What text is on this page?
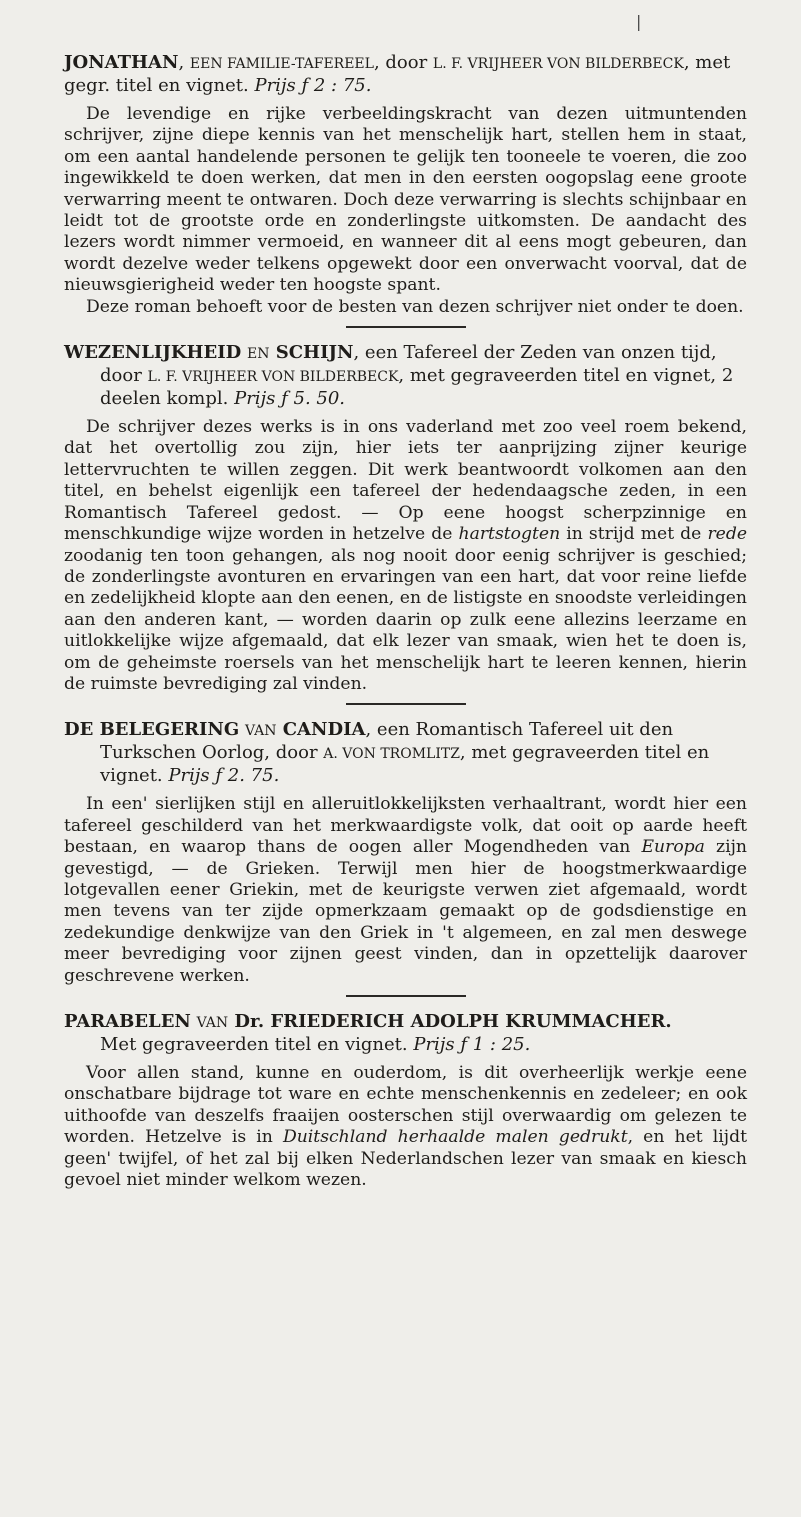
|

JONATHAN, EEN FAMILIE-TAFEREEL, door L. F. VRIJHEER VON BILDERBECK, met gegr. titel en vignet. Prijs ƒ 2 : 75.

De levendige en rijke verbeeldingskracht van dezen uitmuntenden schrijver, zijne diepe kennis van het menschelijk hart, stellen hem in staat, om een aantal handelende personen te gelijk ten tooneele te voeren, die zoo ingewikkeld te doen werken, dat men in den eersten oogopslag eene groote verwarring meent te ontwaren. Doch deze verwarring is slechts schijnbaar en leidt tot de grootste orde en zonderlingste uitkomsten. De aandacht des lezers wordt nimmer vermoeid, en wanneer dit al eens mogt gebeuren, dan wordt dezelve weder telkens opgewekt door een onverwacht voorval, dat de nieuwsgierigheid weder ten hoogste spant.

Deze roman behoeft voor de besten van dezen schrijver niet onder te doen.

WEZENLIJKHEID EN SCHIJN, een Tafereel der Zeden van onzen tijd, door L. F. VRIJHEER VON BILDERBECK, met gegraveerden titel en vignet, 2 deelen kompl. Prijs ƒ 5. 50.

De schrijver dezes werks is in ons vaderland met zoo veel roem bekend, dat het overtollig zou zijn, hier iets ter aanprijzing zijner keurige lettervruchten te willen zeggen. Dit werk beantwoordt volkomen aan den titel, en behelst eigenlijk een tafereel der hedendaagsche zeden, in een Romantisch Tafereel gedost. — Op eene hoogst scherpzinnige en menschkundige wijze worden in hetzelve de hartstogten in strijd met de rede zoodanig ten toon gehangen, als nog nooit door eenig schrijver is geschied; de zonderlingste avonturen en ervaringen van een hart, dat voor reine liefde en zedelijkheid klopte aan den eenen, en de listigste en snoodste verleidingen aan den anderen kant, — worden daarin op zulk eene allezins leerzame en uitlokkelijke wijze afgemaald, dat elk lezer van smaak, wien het te doen is, om de geheimste roersels van het menschelijk hart te leeren kennen, hierin de ruimste bevrediging zal vinden.

DE BELEGERING VAN CANDIA, een Romantisch Tafereel uit den Turkschen Oorlog, door A. VON TROMLITZ, met gegraveerden titel en vignet. Prijs ƒ 2. 75.

In een' sierlijken stijl en alleruitlokkelijksten verhaaltrant, wordt hier een tafereel geschilderd van het merkwaardigste volk, dat ooit op aarde heeft bestaan, en waarop thans de oogen aller Mogendheden van Europa zijn gevestigd, — de Grieken. Terwijl men hier de hoogstmerkwaardige lotgevallen eener Griekin, met de keurigste verwen ziet afgemaald, wordt men tevens van ter zijde opmerkzaam gemaakt op de godsdienstige en zedekundige denkwijze van den Griek in 't algemeen, en zal men deswege meer bevrediging voor zijnen geest vinden, dan in opzettelijk daarover geschrevene werken.

PARABELEN VAN Dr. FRIEDERICH ADOLPH KRUMMACHER.
Met gegraveerden titel en vignet. Prijs ƒ 1 : 25.

Voor allen stand, kunne en ouderdom, is dit overheerlijk werkje eene onschatbare bijdrage tot ware en echte menschenkennis en zedeleer; en ook uithoofde van deszelfs fraaijen oosterschen stijl overwaardig om gelezen te worden. Hetzelve is in Duitschland herhaalde malen gedrukt, en het lijdt geen' twijfel, of het zal bij elken Nederlandschen lezer van smaak en kiesch gevoel niet minder welkom wezen.
